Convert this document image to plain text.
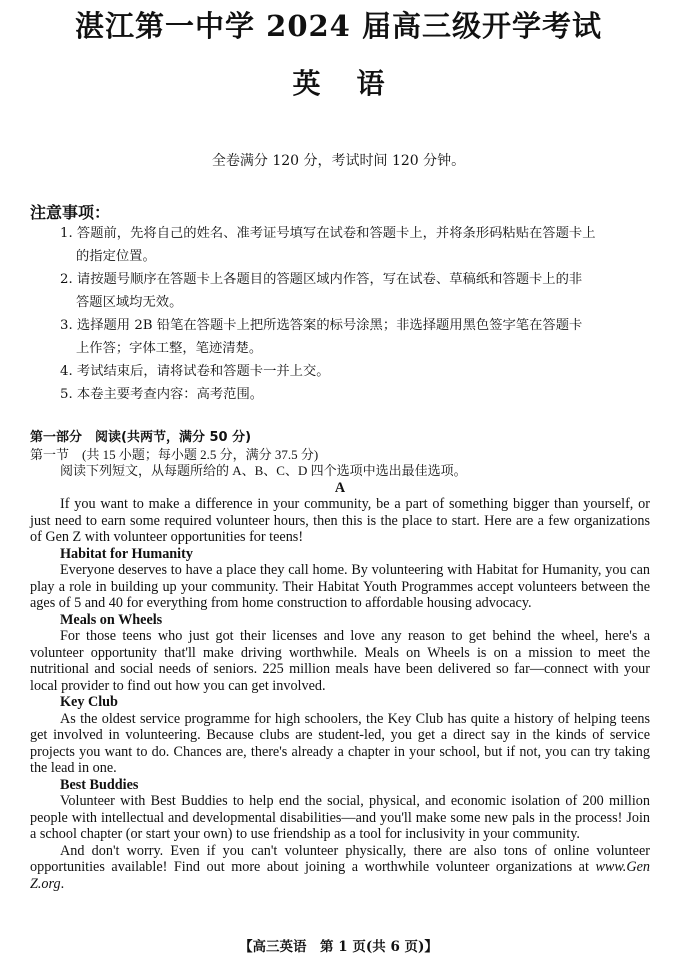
湛江第一中学 2024 届高三级开学考试
英语
全卷满分 120 分，考试时间 120 分钟。
注意事项：
1. 答题前，先将自己的姓名、准考证号填写在试卷和答题卡上，并将条形码粘贴在答题卡上
的指定位置。
2. 请按题号顺序在答题卡上各题目的答题区域内作答，写在试卷、草稿纸和答题卡上的非
答题区域均无效。
3. 选择题用 2B 铅笔在答题卡上把所选答案的标号涂黑；非选择题用黑色签字笔在答题卡
上作答；字体工整，笔迹清楚。
4. 考试结束后，请将试卷和答题卡一并上交。
5. 本卷主要考查内容：高考范围。
第一部分　阅读(共两节，满分 50 分)
第一节　(共 15 小题；每小题 2.5 分，满分 37.5 分)
阅读下列短文，从每题所给的 A、B、C、D 四个选项中选出最佳选项。
A

If you want to make a difference in your community, be a part of something bigger than yourself, or just need to earn some required volunteer hours, then this is the place to start. Here are a few organizations of Gen Z with volunteer opportunities for teens!

Habitat for Humanity

Everyone deserves to have a place they call home. By volunteering with Habitat for Humanity, you can play a role in building up your community. Their Habitat Youth Programmes accept volunteers between the ages of 5 and 40 for everything from home construction to affordable housing advocacy.

Meals on Wheels

For those teens who just got their licenses and love any reason to get behind the wheel, here's a volunteer opportunity that'll make driving worthwhile. Meals on Wheels is on a mission to meet the nutritional and social needs of seniors. 225 million meals have been delivered so far—connect with your local provider to find out how you can get involved.

Key Club

As the oldest service programme for high schoolers, the Key Club has quite a history of helping teens get involved in volunteering. Because clubs are student-led, you get a direct say in the kinds of service projects you want to do. Chances are, there's already a chapter in your school, but if not, you can try taking the lead in one.

Best Buddies

Volunteer with Best Buddies to help end the social, physical, and economic isolation of 200 million people with intellectual and developmental disabilities—and you'll make some new pals in the process! Join a school chapter (or start your own) to use friendship as a tool for inclusivity in your community.

And don't worry. Even if you can't volunteer physically, there are also tons of online volunteer opportunities available! Find out more about joining a worthwhile volunteer organizations at www.Gen Z.org.

【高三英语　第 1 页(共 6 页)】
